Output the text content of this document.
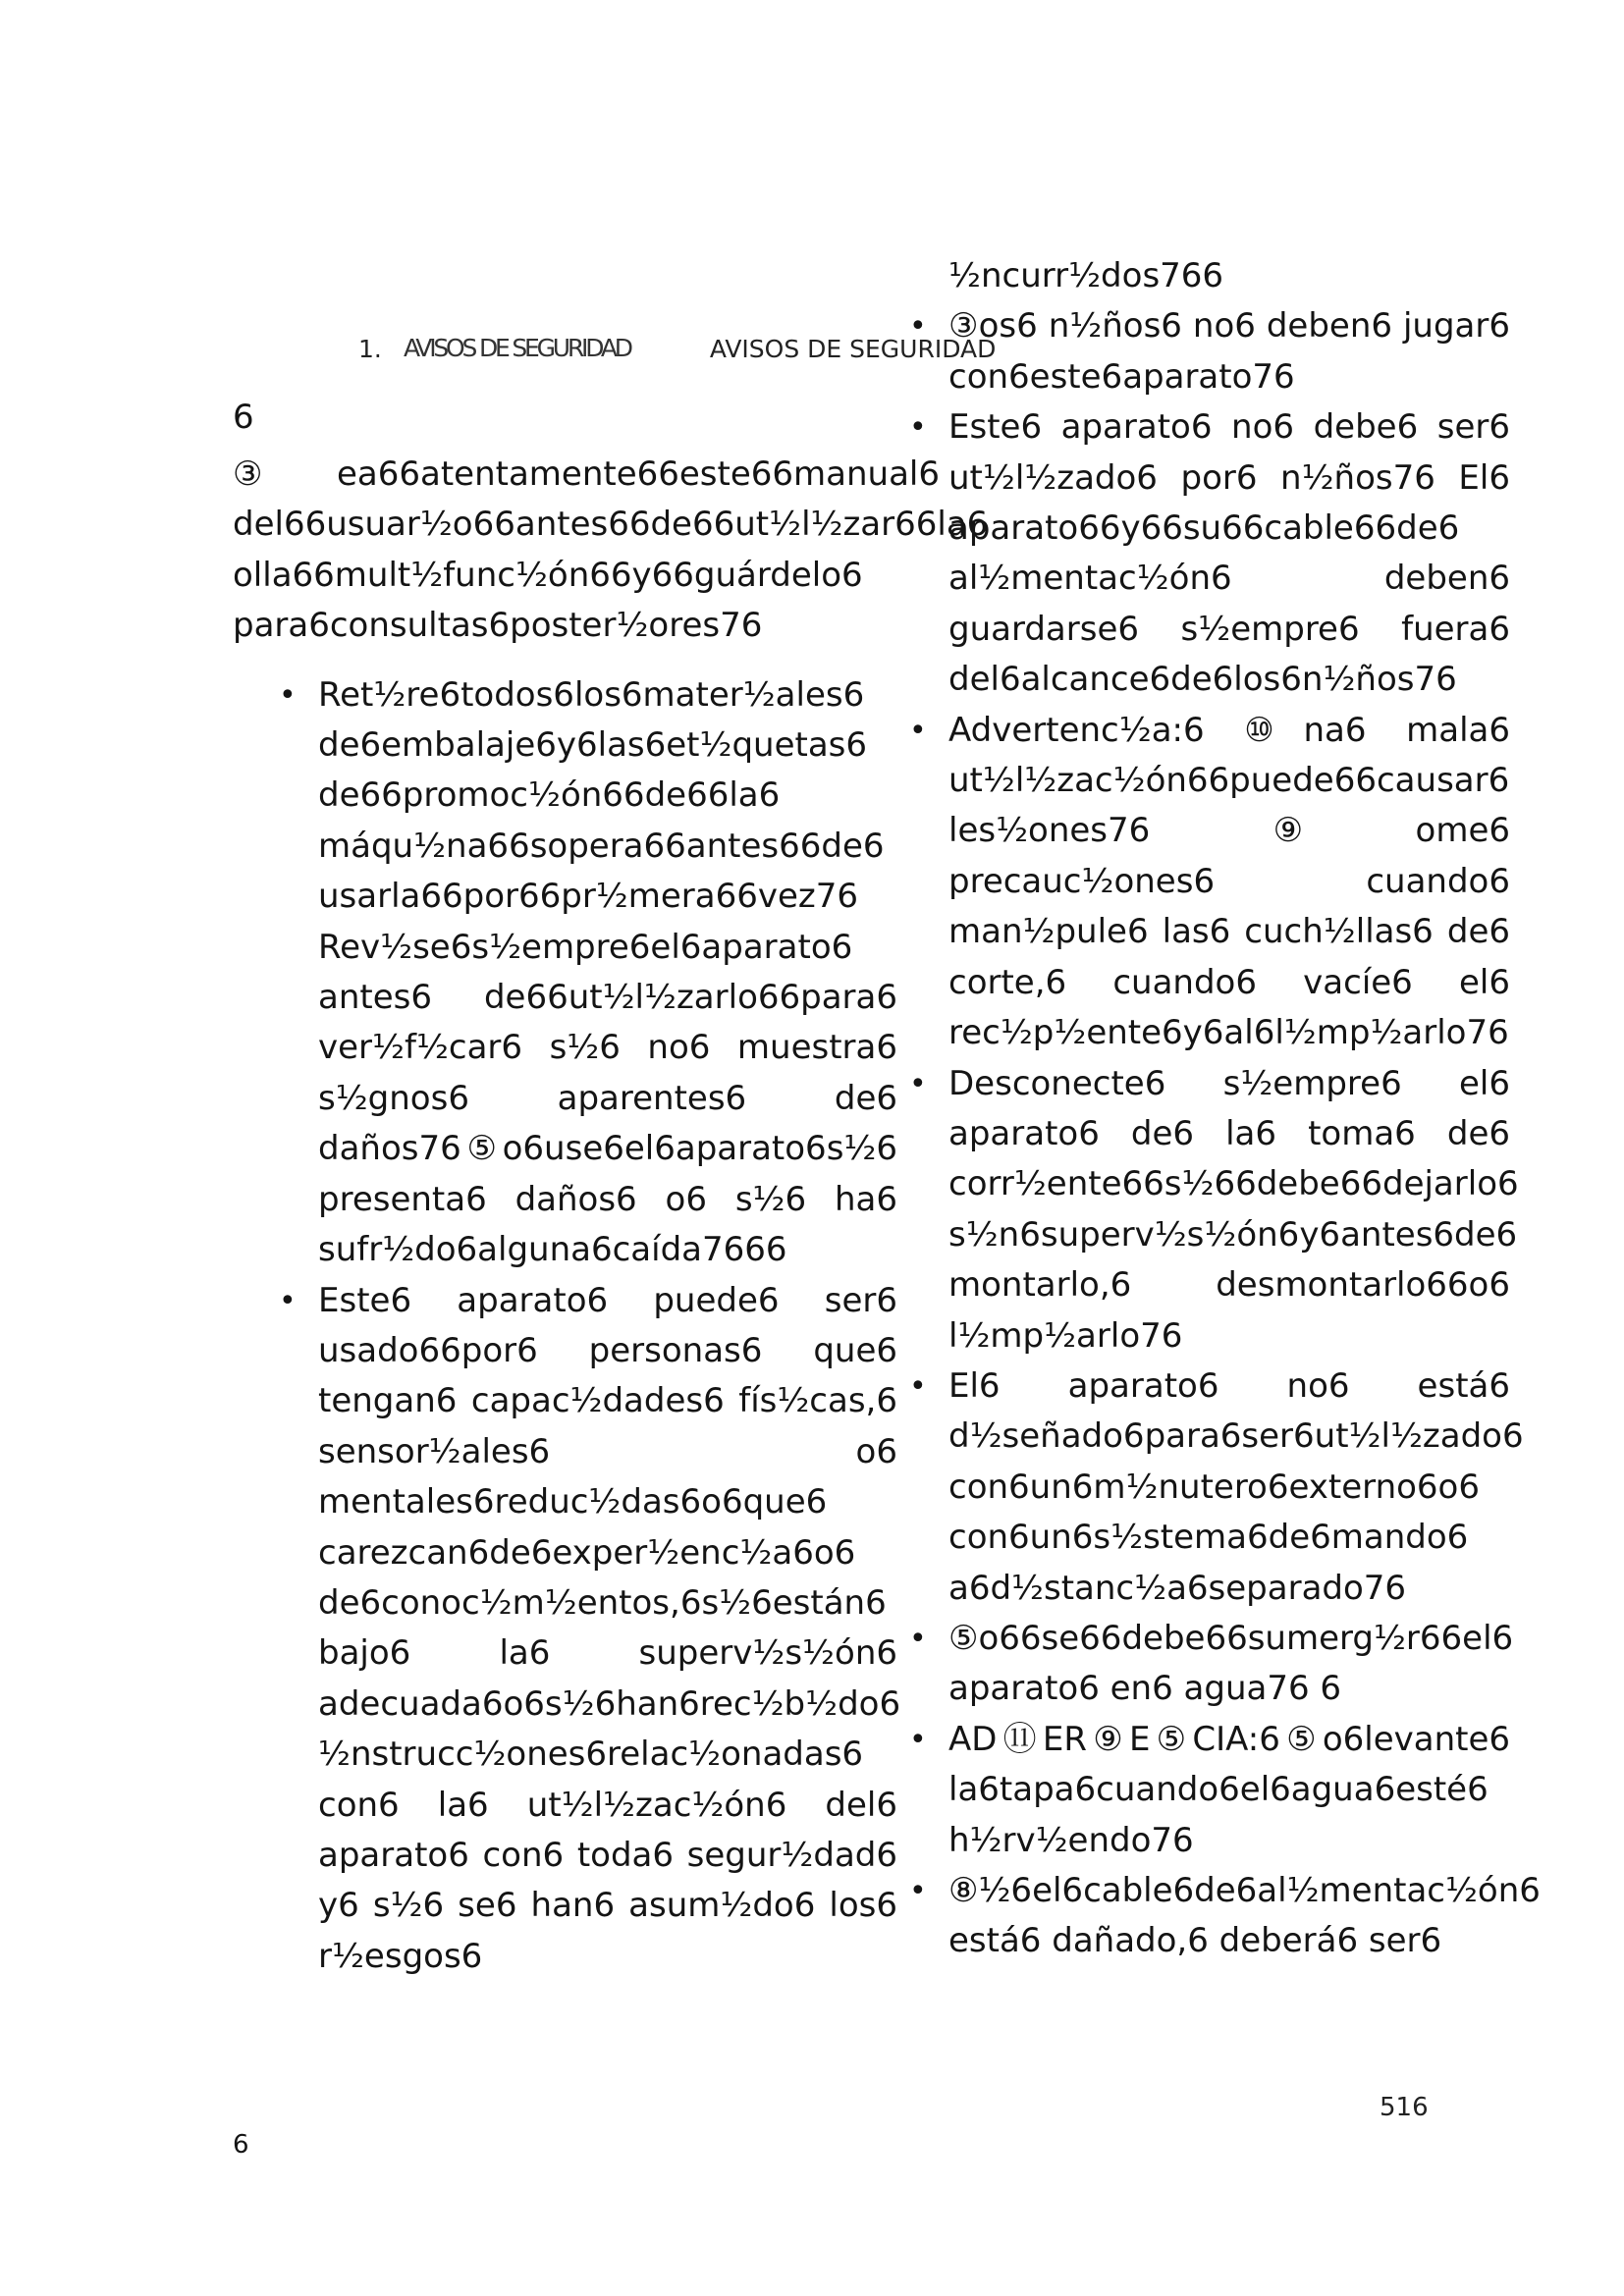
1. AVISOS DE SEGURIDAD	AVISOS DE SEGURIDAD
6

③ea66atentamente66este66manual6 del66usuar½o66antes66de66ut½l½zar66la6 olla66mult½func½ón66y66guárdelo6 para6consultas6poster½ores76

• Ret½re6todos6los6mater½ales6 de6embalaje6y6las6et½quetas6 de66promoc½ón66de66la6 máqu½na66sopera66antes66de6 usarla66por66pr½mera66vez76 Rev½se6s½empre6el6aparato6 antes6 de66ut½l½zarlo66para6 ver½f½car6 s½6 no6 muestra6 s½gnos6 aparentes6 de6 daños76⑤o6use6el6aparato6s½6 presenta6 daños6 o6 s½6 ha6 sufr½do6alguna6caída7666
• Este6 aparato6 puede6 ser6 usado66por6 personas6 que6 tengan6 capac½dades6 fís½cas,6 sensor½ales6 o6 mentales6reduc½das6o6que6 carezcan6de6exper½enc½a6o6 de6conoc½m½entos,6s½6están6 bajo6 la6 superv½s½ón6 adecuada6o6s½6han6rec½b½do6 ½nstrucc½ones6relac½onadas6 con6 la6 ut½l½zac½ón6 del6 aparato6 con6 toda6 segur½dad6 y6 s½6 se6 han6 asum½do6 los6 r½esgos6
½ncurr½dos766
• ③os6 n½ños6 no6 deben6 jugar6 con6este6aparato76
• Este6 aparato6 no6 debe6 ser6 ut½l½zado6 por6 n½ños76 El6 aparato66y66su66cable66de6 al½mentac½ón6 deben6 guardarse6 s½empre6 fuera6 del6alcance6de6los6n½ños76
• Advertenc½a:6 ⑩na6 mala6 ut½l½zac½ón66puede66causar6 les½ones76 ⑨ome6 precauc½ones6 cuando6 man½pule6 las6 cuch½llas6 de6 corte,6 cuando6 vacíe6 el6 rec½p½ente6y6al6l½mp½arlo76
• Desconecte6 s½empre6 el6 aparato6 de6 la6 toma6 de6 corr½ente66s½66debe66dejarlo6 s½n6superv½s½ón6y6antes6de6 montarlo,6 desmontarlo66o6 l½mp½arlo76
• El6 aparato6 no6 está6 d½señado6para6ser6ut½l½zado6 con6un6m½nutero6externo6o6 con6un6s½stema6de6mando6 a6d½stanc½a6separado76
• ⑤o66se66debe66sumerg½r66el6 aparato6 en6 agua76 6
• AD⑪ER⑨E⑤CIA:6⑤o6levante6 la6tapa6cuando6el6agua6esté6 h½rv½endo76
• ⑧½6el6cable6de6al½mentac½ón6 está6 dañado,6 deberá6 ser6
516
6
